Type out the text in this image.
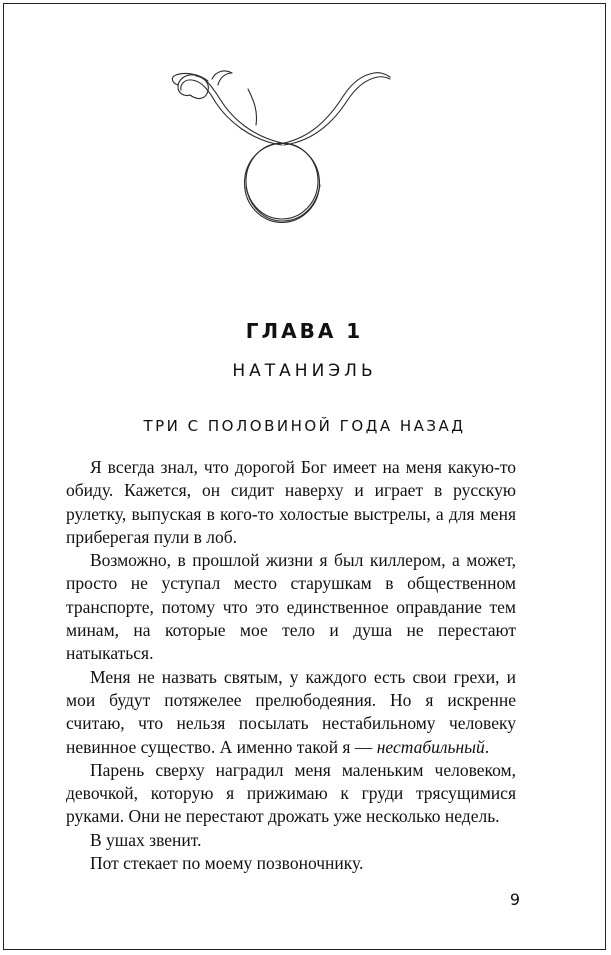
ГЛАВА 1
НАТАНИЭЛЬ
ТРИ С ПОЛОВИНОЙ ГОДА НАЗАД

Я всегда знал, что дорогой Бог имеет на меня какую-то обиду. Кажется, он сидит наверху и играет в русскую рулетку, выпуская в кого-то холостые выстрелы, а для меня приберегая пули в лоб.

Возможно, в прошлой жизни я был киллером, а может, просто не уступал место старушкам в общественном транспорте, потому что это единственное оправдание тем минам, на которые мое тело и душа не перестают натыкаться.

Меня не назвать святым, у каждого есть свои грехи, и мои будут потяжелее прелюбодеяния. Но я искренне считаю, что нельзя посылать нестабильному человеку невинное существо. А именно такой я — нестабильный.

Парень сверху наградил меня маленьким человеком, девочкой, которую я прижимаю к груди трясущимися руками. Они не перестают дрожать уже несколько недель.

В ушах звенит.

Пот стекает по моему позвоночнику.

9
